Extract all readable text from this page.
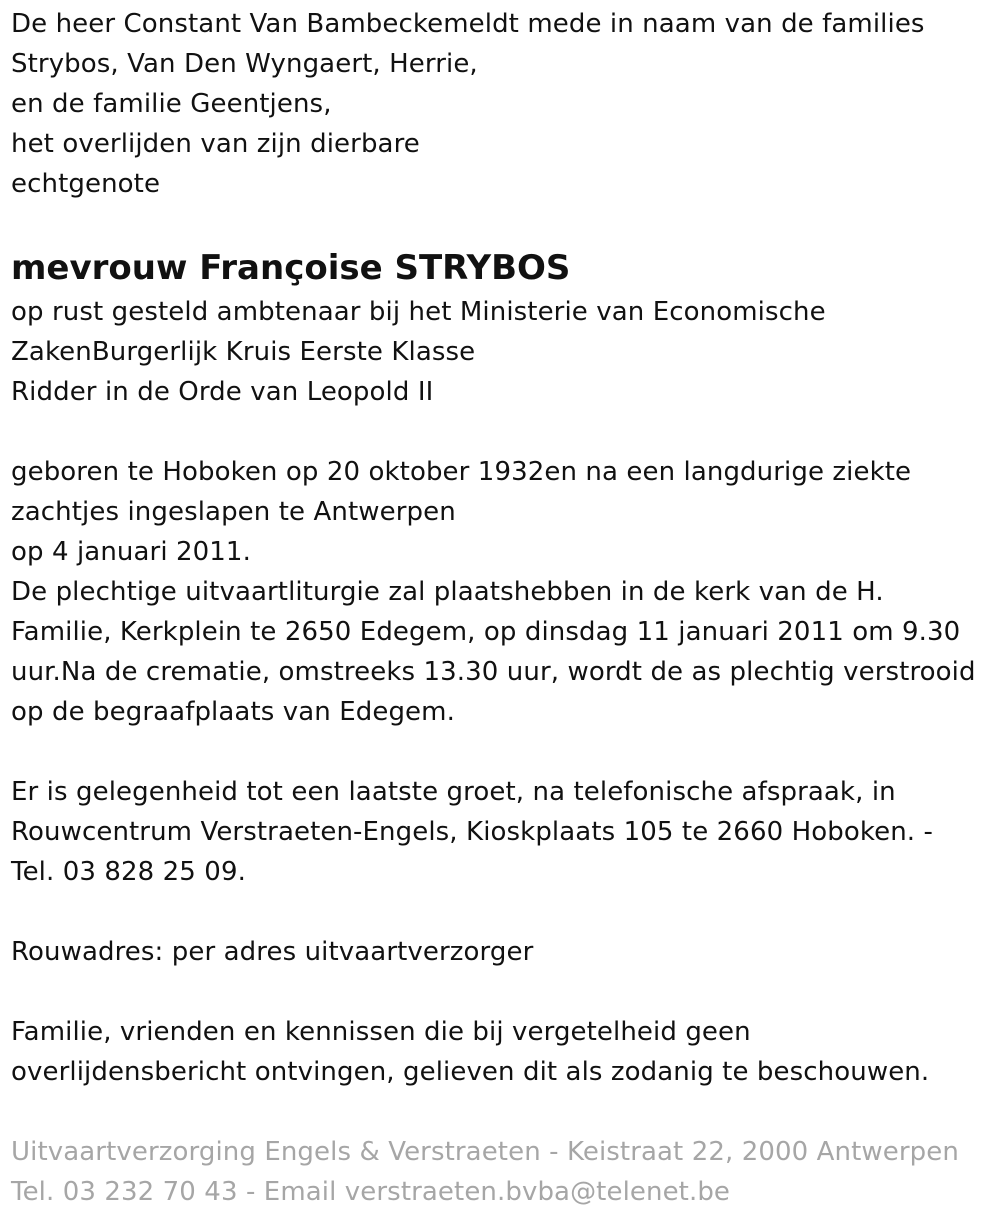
De heer Constant Van Bambeckemeldt mede in naam van de families
Strybos, Van Den Wyngaert, Herrie,
en de familie Geentjens,
het overlijden van zijn dierbare
echtgenote
mevrouw Françoise STRYBOS
op rust gesteld ambtenaar bij het Ministerie van Economische
ZakenBurgerlijk Kruis Eerste Klasse
Ridder in de Orde van Leopold II
geboren te Hoboken op 20 oktober 1932en na een langdurige ziekte
zachtjes ingeslapen te Antwerpen
op 4 januari 2011.
De plechtige uitvaartliturgie zal plaatshebben in de kerk van de H.
Familie, Kerkplein te 2650 Edegem, op dinsdag 11 januari 2011 om 9.30
uur.Na de crematie, omstreeks 13.30 uur, wordt de as plechtig verstrooid
op de begraafplaats van Edegem.
Er is gelegenheid tot een laatste groet, na telefonische afspraak, in
Rouwcentrum Verstraeten-Engels, Kioskplaats 105 te 2660 Hoboken. -
Tel. 03 828 25 09.
Rouwadres: per adres uitvaartverzorger
Familie, vrienden en kennissen die bij vergetelheid geen
overlijdensbericht ontvingen, gelieven dit als zodanig te beschouwen.
Uitvaartverzorging Engels & Verstraeten - Keistraat 22, 2000 Antwerpen
Tel. 03 232 70 43 - Email verstraeten.bvba@telenet.be
